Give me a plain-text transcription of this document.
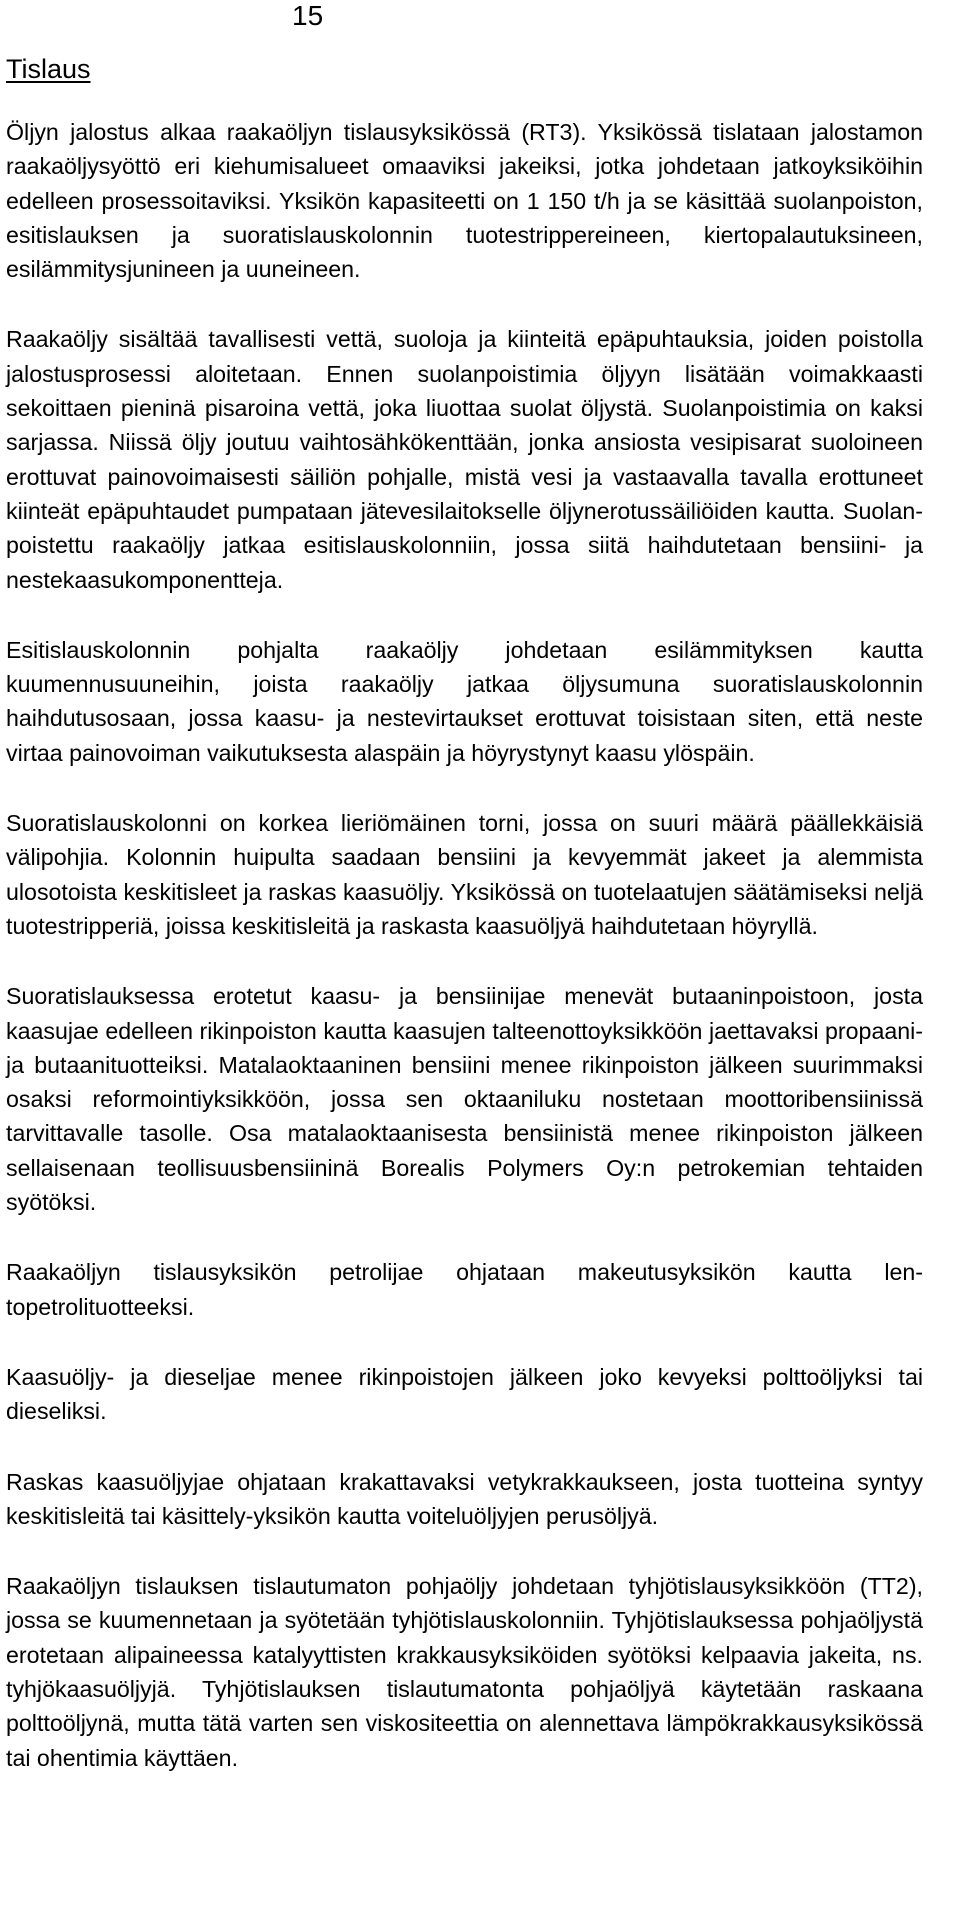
15
Tislaus

Öljyn jalostus alkaa raakaöljyn tislausyksikössä (RT3). Yksikössä tislataan jalostamon raakaöljysyöttö eri kiehumisalueet omaaviksi jakeiksi, jotka johdetaan jatkoyksiköihin edelleen prosessoitaviksi. Yksikön kapasiteetti on 1 150 t/h ja se käsittää suolanpoiston, esitislauksen ja suoratislauskolonnin tuotestrippereineen, kiertopalautuksineen, esilämmitysjunineen ja uuneineen.

Raakaöljy sisältää tavallisesti vettä, suoloja ja kiinteitä epäpuhtauksia, joiden poistolla jalostusprosessi aloitetaan. Ennen suolanpoistimia öljyyn lisätään voimakkaasti sekoittaen pieninä pisaroina vettä, joka liuottaa suolat öljystä. Suolanpoistimia on kaksi sarjassa. Niissä öljy joutuu vaihtosähkökenttään, jonka ansiosta vesipisarat suoloineen erottuvat painovoimaisesti säiliön pohjalle, mistä vesi ja vastaavalla tavalla erottuneet kiinteät epäpuhtaudet pumpataan jätevesilaitokselle öljynerotussäiliöiden kautta. Suolanpoistettu raakaöljy jatkaa esitislauskolonniin, jossa siitä haihdutetaan bensiini- ja nestekaasukomponentteja.

Esitislauskolonnin pohjalta raakaöljy johdetaan esilämmityksen kautta kuumennusuuneihin, joista raakaöljy jatkaa öljysumuna suoratislauskolonnin haihdutusosaan, jossa kaasu- ja nestevirtaukset erottuvat toisistaan siten, että neste virtaa painovoiman vaikutuksesta alaspäin ja höyrystynyt kaasu ylöspäin.

Suoratislauskolonni on korkea lieriömäinen torni, jossa on suuri määrä päällekkäisiä välipohjia. Kolonnin huipulta saadaan bensiini ja kevyemmät jakeet ja alemmista ulosotoista keskitisleet ja raskas kaasuöljy. Yksikössä on tuotelaatujen säätämiseksi neljä tuotestripperiä, joissa keskitisleitä ja raskasta kaasuöljyä haihdutetaan höyryllä.

Suoratislauksessa erotetut kaasu- ja bensiinijae menevät butaaninpoistoon, josta kaasujae edelleen rikinpoiston kautta kaasujen talteenottoyksikköön jaettavaksi propaani- ja butaanituotteiksi. Matalaoktaaninen bensiini menee rikinpoiston jälkeen suurimmaksi osaksi reformointiyksikköön, jossa sen oktaaniluku nostetaan moottoribensiinissä tarvittavalle tasolle. Osa matalaoktaanisesta bensiinistä menee rikinpoiston jälkeen sellaisenaan teollisuusbensiininä Borealis Polymers Oy:n petrokemian tehtaiden syötöksi.

Raakaöljyn tislausyksikön petrolijae ohjataan makeutusyksikön kautta lentopetrolituotteeksi.

Kaasuöljy- ja dieseljae menee rikinpoistojen jälkeen joko kevyeksi polttoöljyksi tai dieseliksi.

Raskas kaasuöljyjae ohjataan krakattavaksi vetykrakkaukseen, josta tuotteina syntyy keskitisleitä tai käsittely-yksikön kautta voiteluöljyjen perusöljyä.

Raakaöljyn tislauksen tislautumaton pohjaöljy johdetaan tyhjötislausyksikköön (TT2), jossa se kuumennetaan ja syötetään tyhjötislauskolonniin. Tyhjötislauksessa pohjaöljystä erotetaan alipaineessa katalyyttisten krakkausyksiköiden syötöksi kelpaavia jakeita, ns. tyhjökaasuöljyjä. Tyhjötislauksen tislautumatonta pohjaöljyä käytetään raskaana polttoöljynä, mutta tätä varten sen viskositeettia on alennettava lämpökrakkausyksikössä tai ohentimia käyttäen.
